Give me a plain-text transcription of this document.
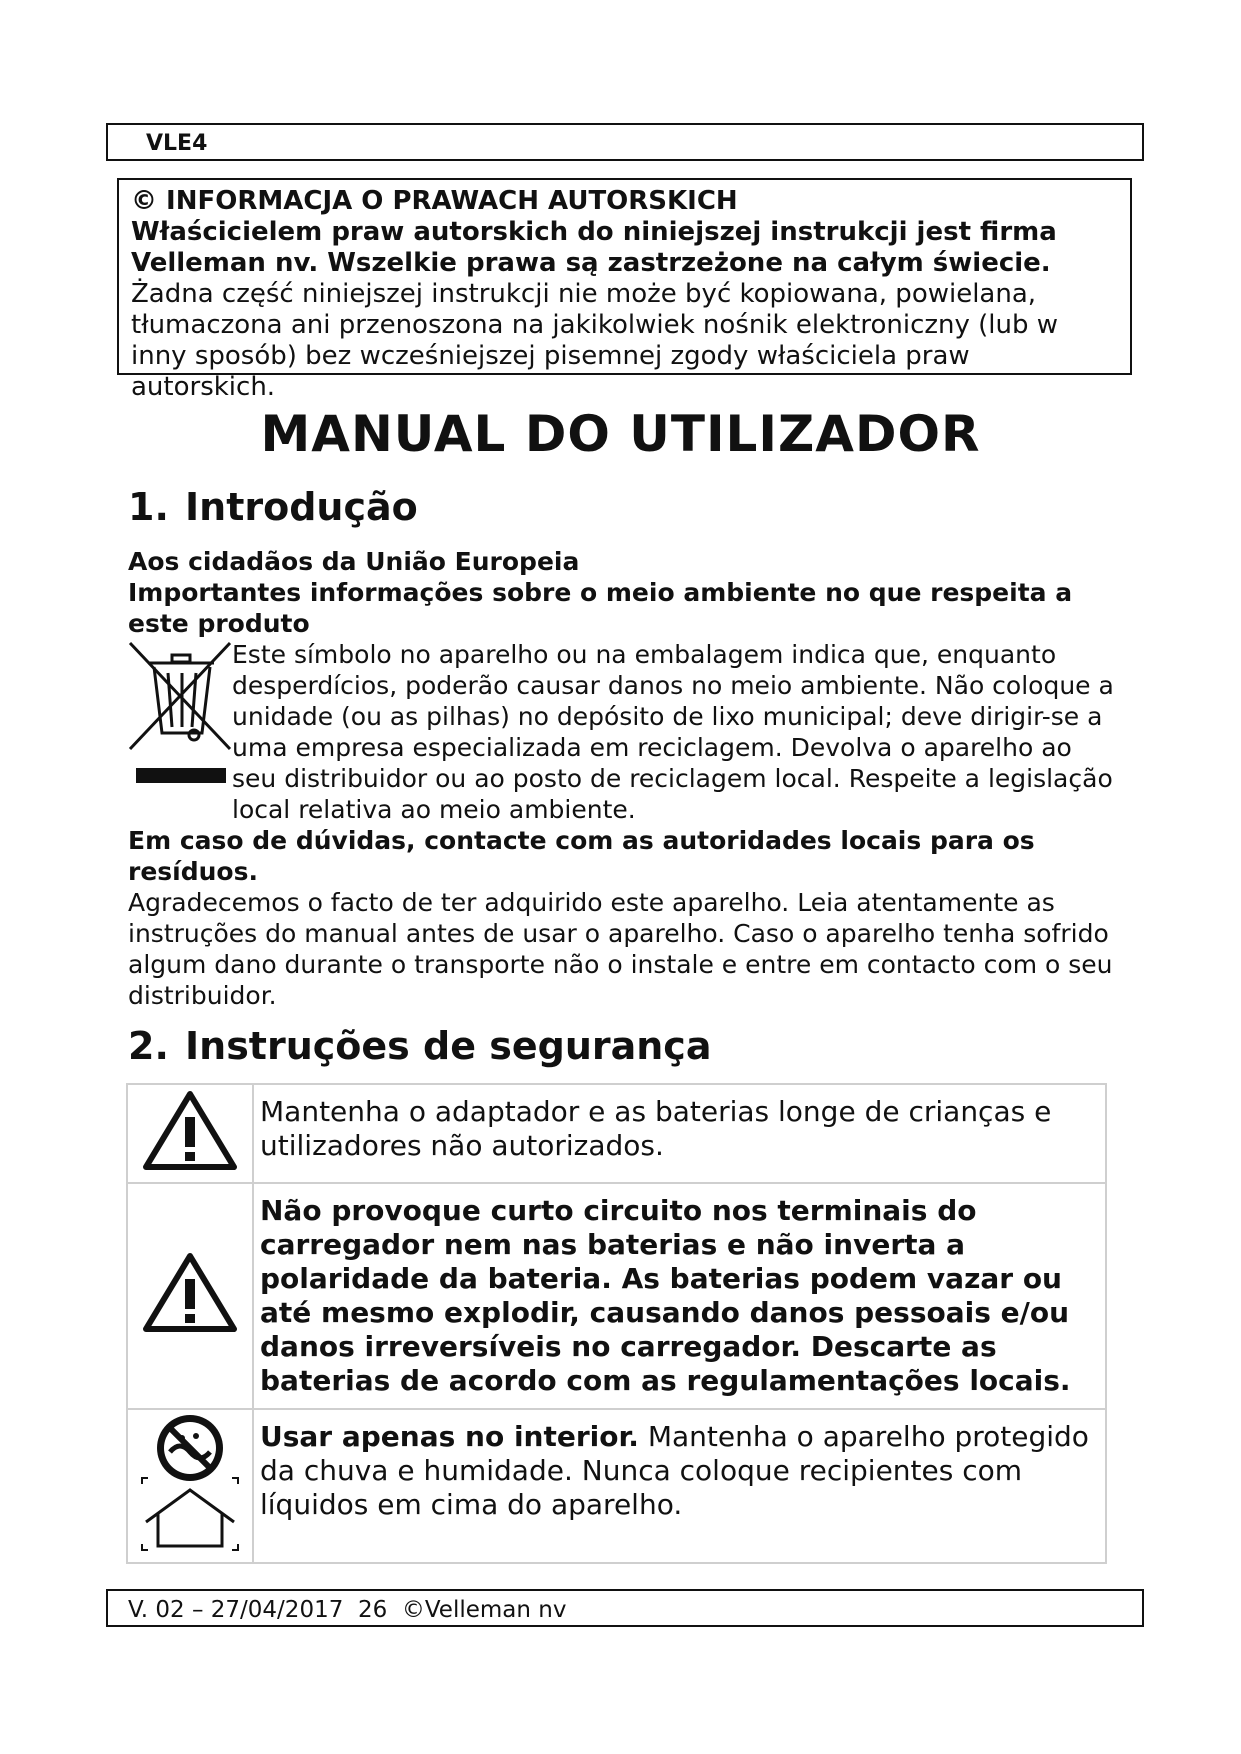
VLE4
© INFORMACJA O PRAWACH AUTORSKICH
Właścicielem praw autorskich do niniejszej instrukcji jest firma Velleman nv. Wszelkie prawa są zastrzeżone na całym świecie.
Żadna część niniejszej instrukcji nie może być kopiowana, powielana, tłumaczona ani przenoszona na jakikolwiek nośnik elektroniczny (lub w inny sposób) bez wcześniejszej pisemnej zgody właściciela praw autorskich.
MANUAL DO UTILIZADOR
1. Introdução
Aos cidadãos da União Europeia
Importantes informações sobre o meio ambiente no que respeita a este produto
Este símbolo no aparelho ou na embalagem indica que, enquanto desperdícios, poderão causar danos no meio ambiente. Não coloque a unidade (ou as pilhas) no depósito de lixo municipal; deve dirigir-se a uma empresa especializada em reciclagem. Devolva o aparelho ao seu distribuidor ou ao posto de reciclagem local. Respeite a legislação local relativa ao meio ambiente.
Em caso de dúvidas, contacte com as autoridades locais para os resíduos.
Agradecemos o facto de ter adquirido este aparelho. Leia atentamente as instruções do manual antes de usar o aparelho. Caso o aparelho tenha sofrido algum dano durante o transporte não o instale e entre em contacto com o seu distribuidor.
2. Instruções de segurança
	Mantenha o adaptador e as baterias longe de crianças e utilizadores não autorizados.
	Não provoque curto circuito nos terminais do carregador nem nas baterias e não inverta a polaridade da bateria. As baterias podem vazar ou até mesmo explodir, causando danos pessoais e/ou danos irreversíveis no carregador. Descarte as baterias de acordo com as regulamentações locais.
	Usar apenas no interior. Mantenha o aparelho protegido da chuva e humidade. Nunca coloque recipientes com líquidos em cima do aparelho.
V. 02 – 27/04/2017  26  ©Velleman nv
